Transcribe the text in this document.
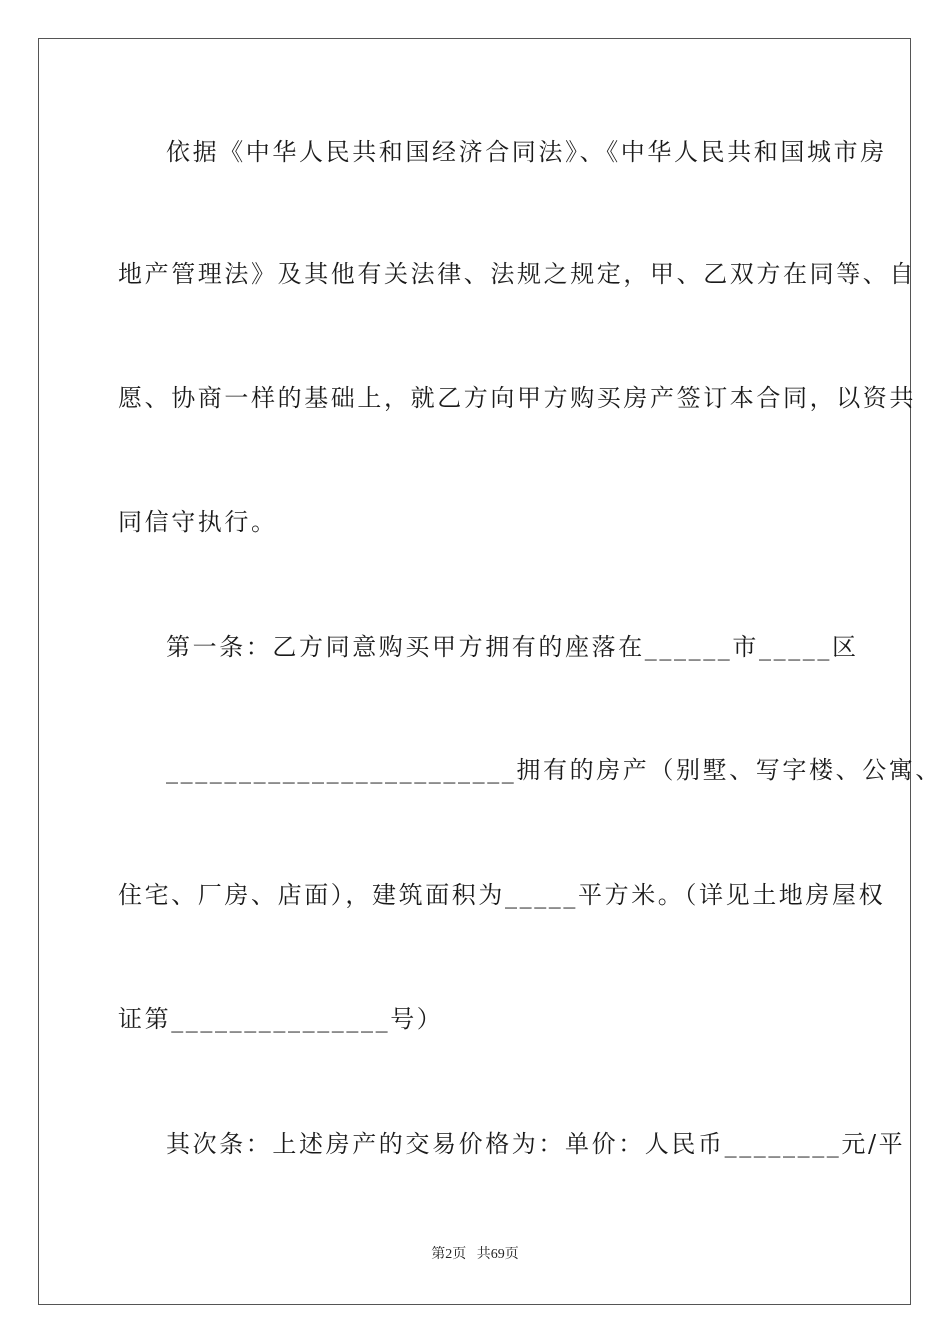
依据《中华人民共和国经济合同法》、《中华人民共和国城市房
地产管理法》及其他有关法律、法规之规定，甲、乙双方在同等、自
愿、协商一样的基础上，就乙方向甲方购买房产签订本合同，以资共
同信守执行。
第一条：乙方同意购买甲方拥有的座落在______市_____区
________________________拥有的房产（别墅、写字楼、公寓、
住宅、厂房、店面），建筑面积为_____平方米。（详见土地房屋权
证第_______________号）
其次条：上述房产的交易价格为：单价：人民币________元/平
第2页 共69页
